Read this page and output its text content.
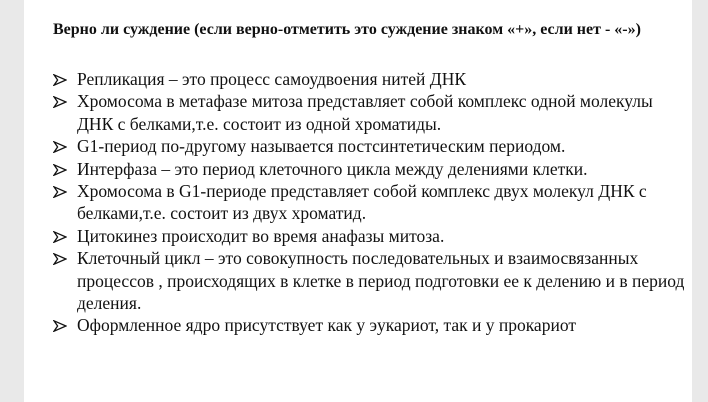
Верно ли суждение (если верно-отметить это суждение знаком «+», если нет - «-»)
Репликация – это процесс самоудвоения нитей ДНК
Хромосома в метафазе митоза представляет собой комплекс одной молекулы ДНК с белками,т.е. состоит из одной хроматиды.
G1-период по-другому называется постсинтетическим периодом.
Интерфаза – это период клеточного цикла между делениями клетки.
Хромосома в G1-периоде представляет собой комплекс двух молекул ДНК с белками,т.е. состоит из двух хроматид.
Цитокинез происходит во время анафазы митоза.
Клеточный цикл – это совокупность последовательных и взаимосвязанных процессов , происходящих в клетке в период подготовки ее к делению и в период деления.
Оформленное ядро присутствует как у эукариот, так и у прокариот
